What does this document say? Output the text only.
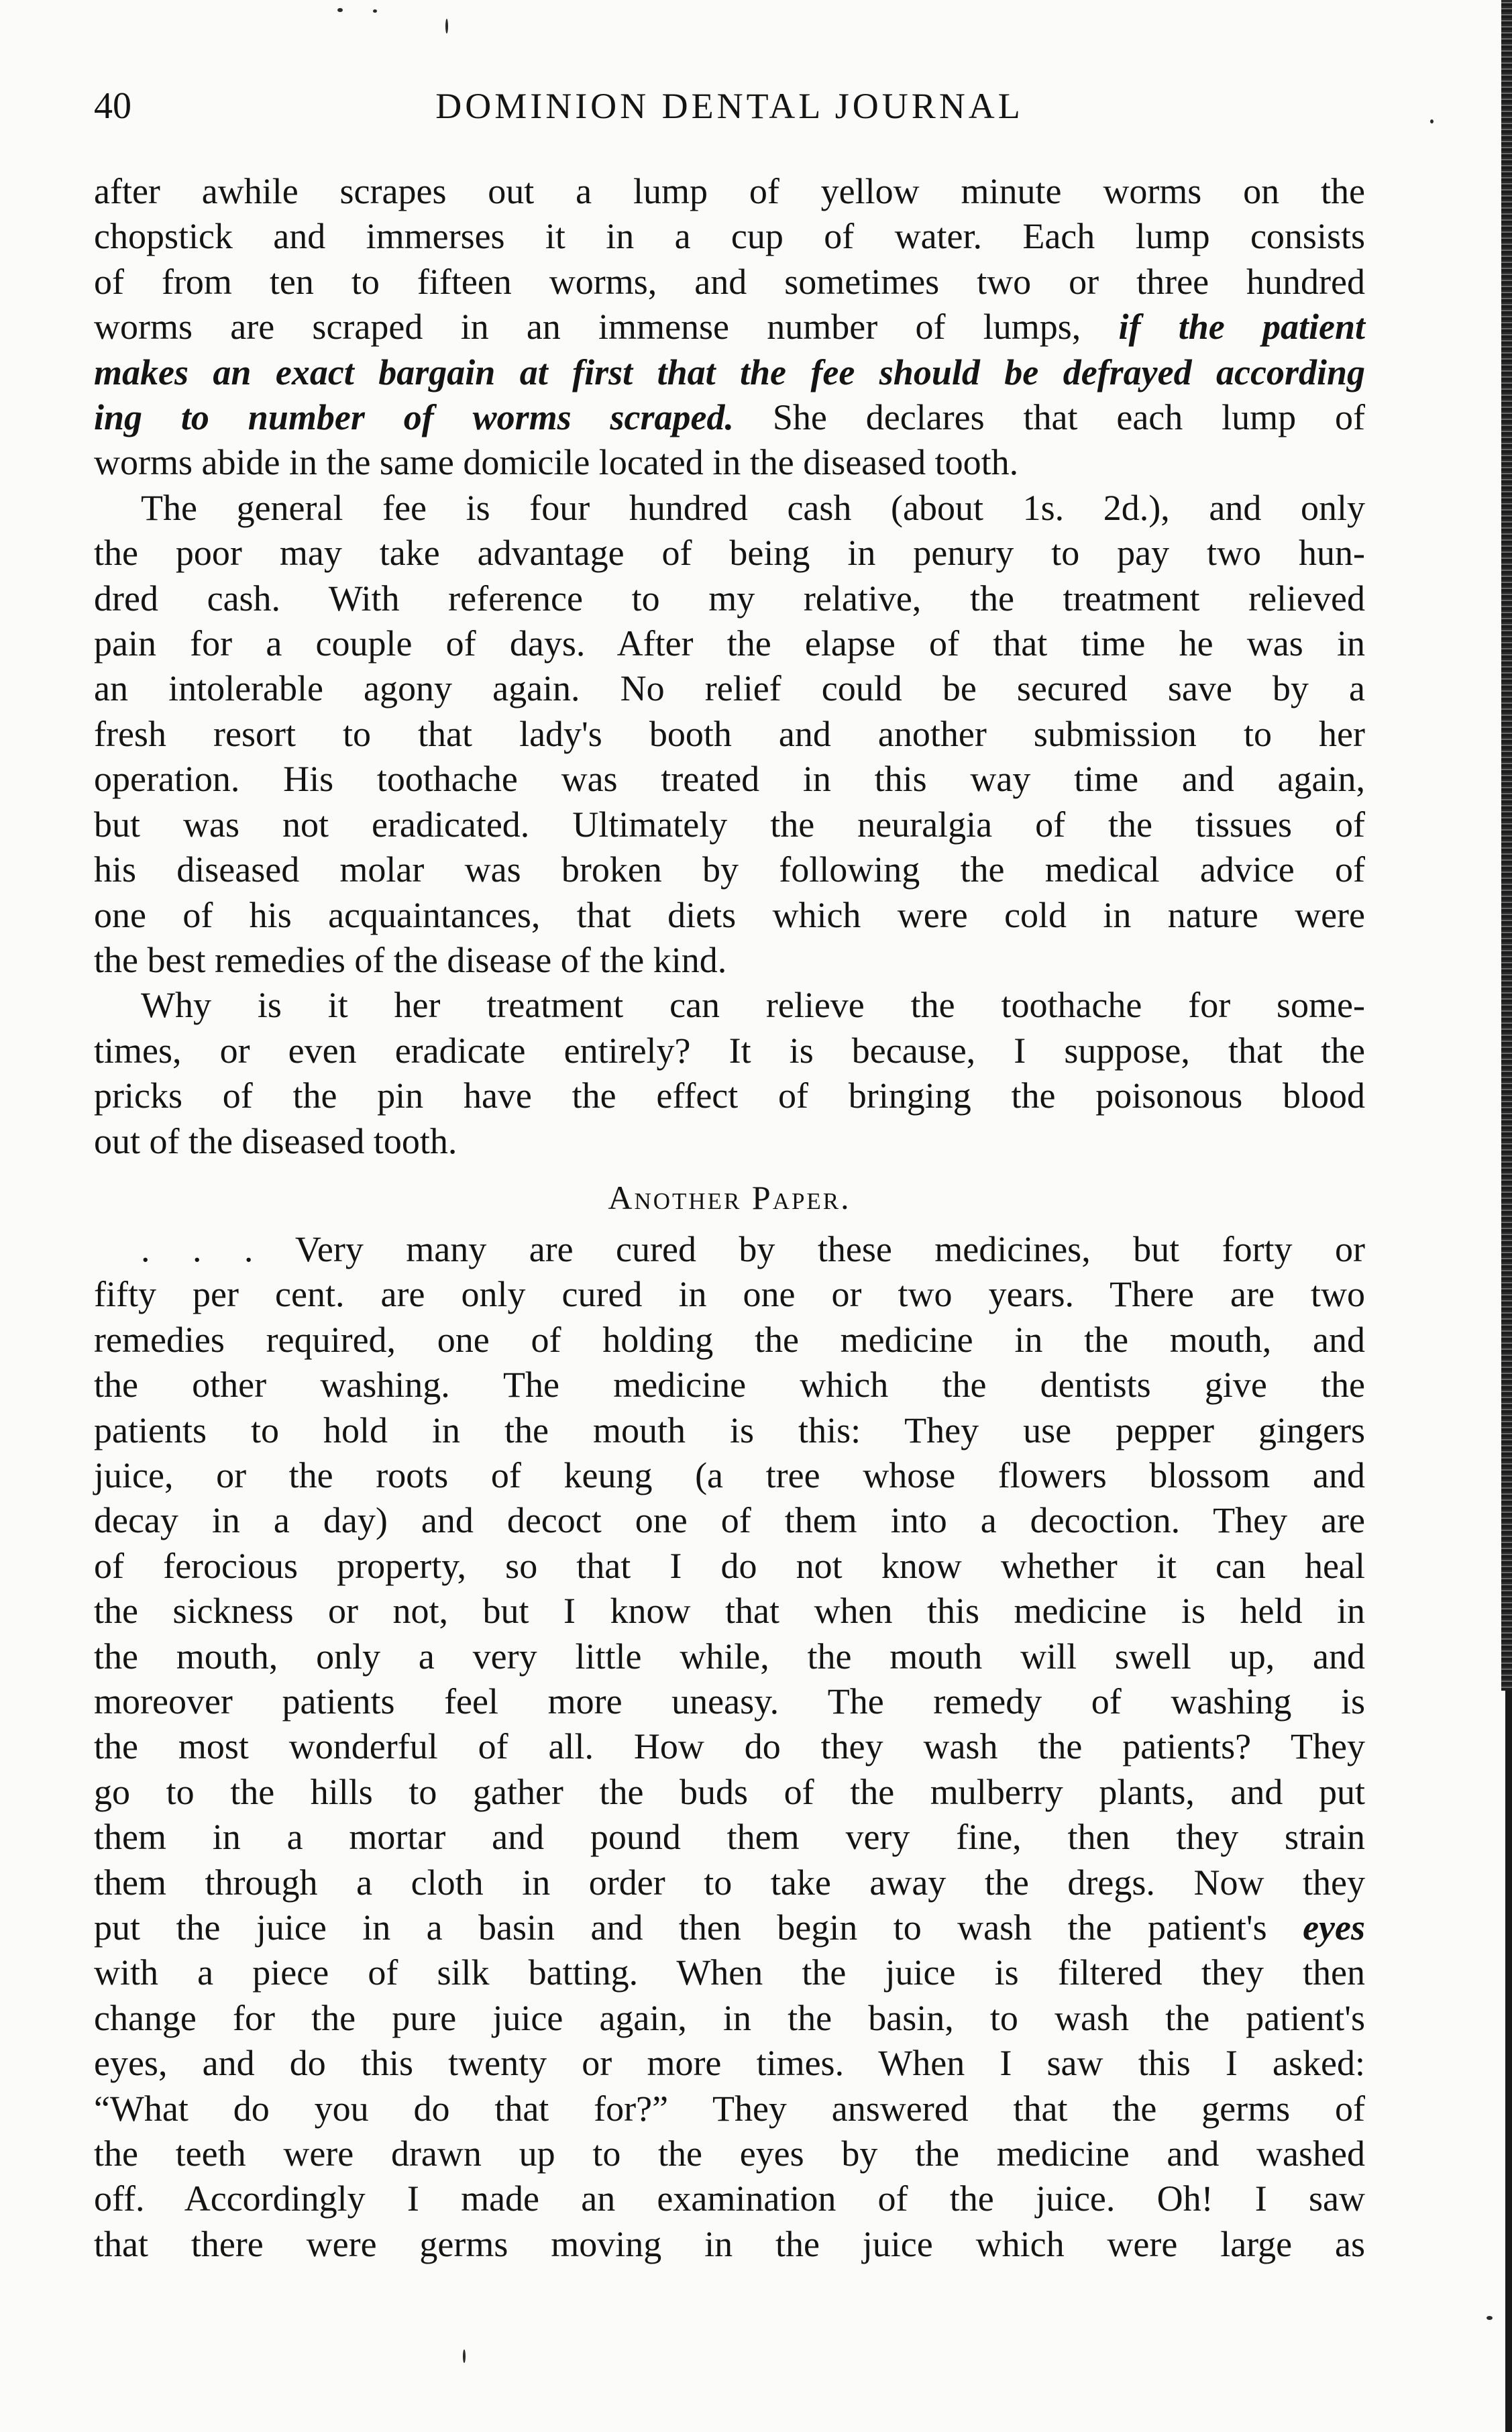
40	DOMINION DENTAL JOURNAL

after awhile scrapes out a lump of yellow minute worms on the
chopstick and immerses it in a cup of water. Each lump consists
of from ten to fifteen worms, and sometimes two or three hundred
worms are scraped in an immense number of lumps, if the patient
makes an exact bargain at first that the fee should be defrayed according
ing to number of worms scraped. She declares that each lump of
worms abide in the same domicile located in the diseased tooth.

The general fee is four hundred cash (about 1s. 2d.), and only
the poor may take advantage of being in penury to pay two hun-
dred cash. With reference to my relative, the treatment relieved
pain for a couple of days. After the elapse of that time he was in
an intolerable agony again. No relief could be secured save by a
fresh resort to that lady's booth and another submission to her
operation. His toothache was treated in this way time and again,
but was not eradicated. Ultimately the neuralgia of the tissues of
his diseased molar was broken by following the medical advice of
one of his acquaintances, that diets which were cold in nature were
the best remedies of the disease of the kind.

Why is it her treatment can relieve the toothache for some-
times, or even eradicate entirely? It is because, I suppose, that the
pricks of the pin have the effect of bringing the poisonous blood
out of the diseased tooth.

Another Paper.

. . . Very many are cured by these medicines, but forty or
fifty per cent. are only cured in one or two years. There are two
remedies required, one of holding the medicine in the mouth, and
the other washing. The medicine which the dentists give the
patients to hold in the mouth is this: They use pepper gingers
juice, or the roots of keung (a tree whose flowers blossom and
decay in a day) and decoct one of them into a decoction. They are
of ferocious property, so that I do not know whether it can heal
the sickness or not, but I know that when this medicine is held in
the mouth, only a very little while, the mouth will swell up, and
moreover patients feel more uneasy. The remedy of washing is
the most wonderful of all. How do they wash the patients? They
go to the hills to gather the buds of the mulberry plants, and put
them in a mortar and pound them very fine, then they strain
them through a cloth in order to take away the dregs. Now they
put the juice in a basin and then begin to wash the patient's eyes
with a piece of silk batting. When the juice is filtered they then
change for the pure juice again, in the basin, to wash the patient's
eyes, and do this twenty or more times. When I saw this I asked:
“What do you do that for?” They answered that the germs of
the teeth were drawn up to the eyes by the medicine and washed
off. Accordingly I made an examination of the juice. Oh! I saw
that there were germs moving in the juice which were large as
